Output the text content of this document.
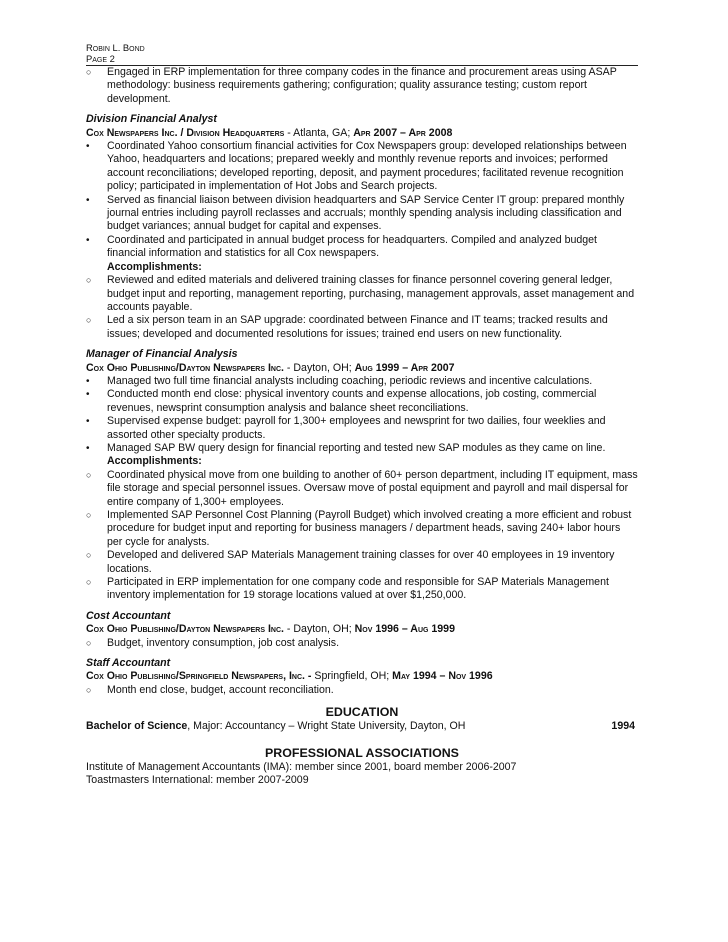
Robin L. Bond
Page 2
○	Engaged in ERP implementation for three company codes in the finance and procurement areas using ASAP methodology: business requirements gathering; configuration; quality assurance testing; custom report development.
Division Financial Analyst
Cox Newspapers Inc. / Division Headquarters - Atlanta, GA; Apr 2007 – Apr 2008
•	Coordinated Yahoo consortium financial activities for Cox Newspapers group: developed relationships between Yahoo, headquarters and locations; prepared weekly and monthly revenue reports and invoices; performed account reconciliations; developed reporting, deposit, and payment procedures; facilitated revenue recognition policy; participated in implementation of Hot Jobs and Search projects.
•	Served as financial liaison between division headquarters and SAP Service Center IT group: prepared monthly journal entries including payroll reclasses and accruals; monthly spending analysis including classification and budget variances; annual budget for capital and expenses.
•	Coordinated and participated in annual budget process for headquarters. Compiled and analyzed budget financial information and statistics for all Cox newspapers.
Accomplishments:
○	Reviewed and edited materials and delivered training classes for finance personnel covering general ledger, budget input and reporting, management reporting, purchasing, management approvals, asset management and accounts payable.
○	Led a six person team in an SAP upgrade: coordinated between Finance and IT teams; tracked results and issues; developed and documented resolutions for issues; trained end users on new functionality.
Manager of Financial Analysis
Cox Ohio Publishing/Dayton Newspapers Inc. - Dayton, OH; Aug 1999 – Apr 2007
•	Managed two full time financial analysts including coaching, periodic reviews and incentive calculations.
•	Conducted month end close: physical inventory counts and expense allocations, job costing, commercial revenues, newsprint consumption analysis and balance sheet reconciliations.
•	Supervised expense budget: payroll for 1,300+ employees and newsprint for two dailies, four weeklies and assorted other specialty products.
•	Managed SAP BW query design for financial reporting and tested new SAP modules as they came on line.
Accomplishments:
○	Coordinated physical move from one building to another of 60+ person department, including IT equipment, mass file storage and special personnel issues. Oversaw move of postal equipment and payroll and mail dispersal for entire company of 1,300+ employees.
○	Implemented SAP Personnel Cost Planning (Payroll Budget) which involved creating a more efficient and robust procedure for budget input and reporting for business managers / department heads, saving 240+ labor hours per cycle for analysts.
○	Developed and delivered SAP Materials Management training classes for over 40 employees in 19 inventory locations.
○	Participated in ERP implementation for one company code and responsible for SAP Materials Management inventory implementation for 19 storage locations valued at over $1,250,000.
Cost Accountant
Cox Ohio Publishing/Dayton Newspapers Inc. - Dayton, OH; Nov 1996 – Aug 1999
○	Budget, inventory consumption, job cost analysis.
Staff Accountant
Cox Ohio Publishing/Springfield Newspapers, Inc. - Springfield, OH; May 1994 – Nov 1996
○	Month end close, budget, account reconciliation.
EDUCATION
Bachelor of Science, Major: Accountancy – Wright State University, Dayton, OH	1994
PROFESSIONAL ASSOCIATIONS
Institute of Management Accountants (IMA): member since 2001, board member 2006-2007
Toastmasters International: member 2007-2009
